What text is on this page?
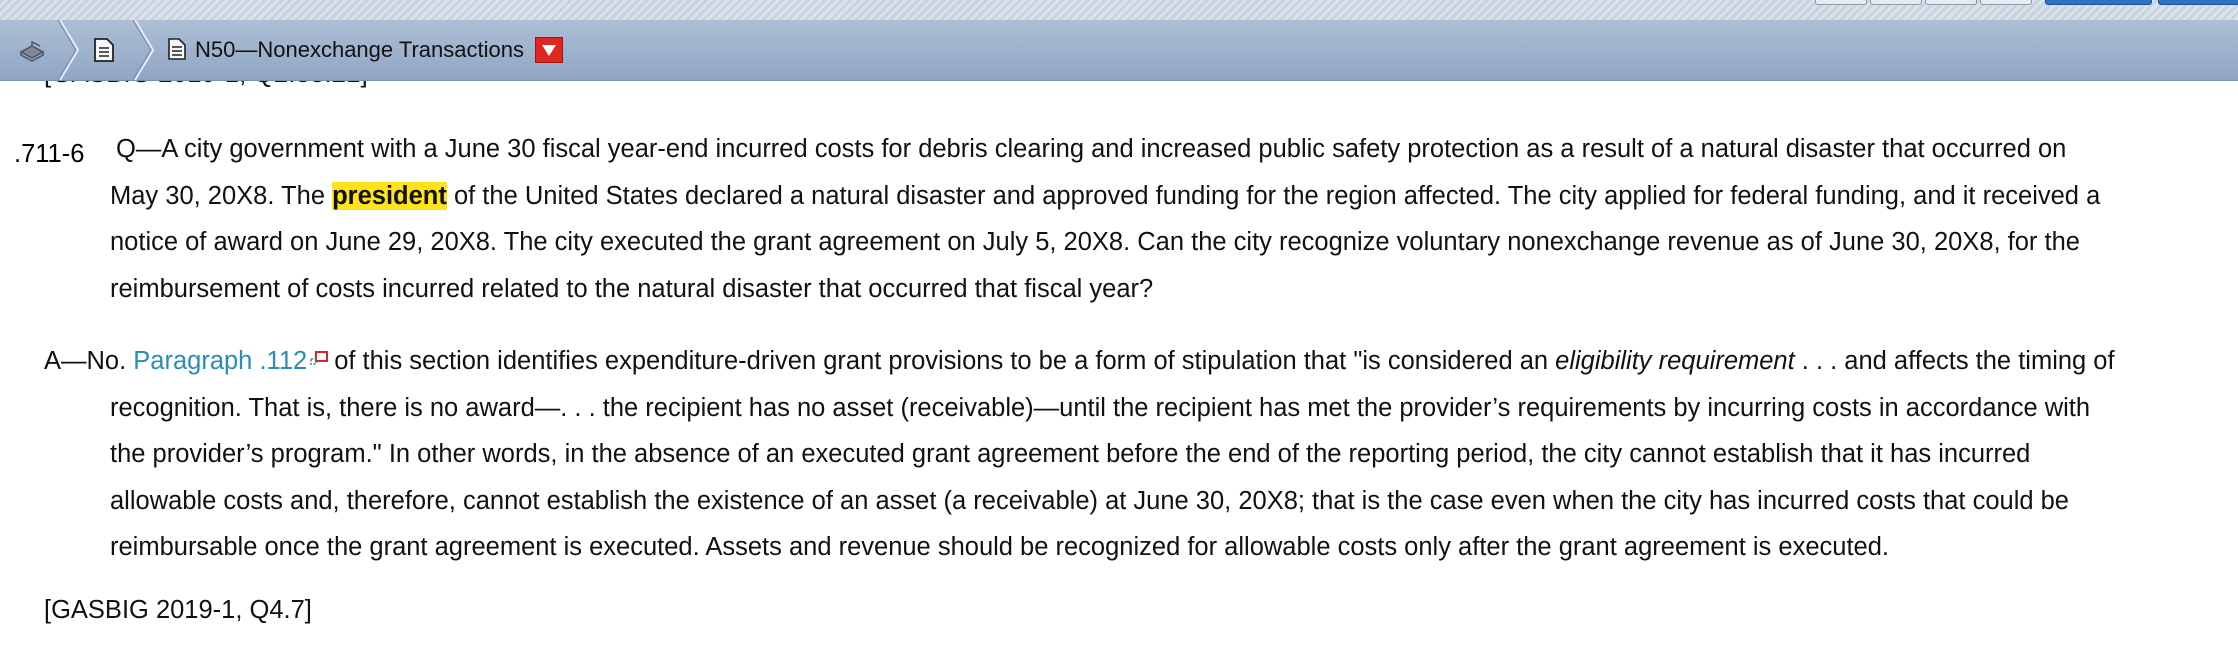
.711-6 Q—A city government with a June 30 fiscal year-end incurred costs for debris clearing and increased public safety protection as a result of a natural disaster that occurred on
May 30, 20X8. The president of the United States declared a natural disaster and approved funding for the region affected. The city applied for federal funding, and it received a
notice of award on June 29, 20X8. The city executed the grant agreement on July 5, 20X8. Can the city recognize voluntary nonexchange revenue as of June 30, 20X8, for the
reimbursement of costs incurred related to the natural disaster that occurred that fiscal year?
A—No. Paragraph .112 of this section identifies expenditure-driven grant provisions to be a form of stipulation that "is considered an eligibility requirement . . . and affects the timing of
recognition. That is, there is no award—. . . the recipient has no asset (receivable)—until the recipient has met the provider’s requirements by incurring costs in accordance with
the provider’s program." In other words, in the absence of an executed grant agreement before the end of the reporting period, the city cannot establish that it has incurred
allowable costs and, therefore, cannot establish the existence of an asset (a receivable) at June 30, 20X8; that is the case even when the city has incurred costs that could be
reimbursable once the grant agreement is executed. Assets and revenue should be recognized for allowable costs only after the grant agreement is executed.
[GASBIG 2019-1, Q4.7]
N50—Nonexchange Transactions
